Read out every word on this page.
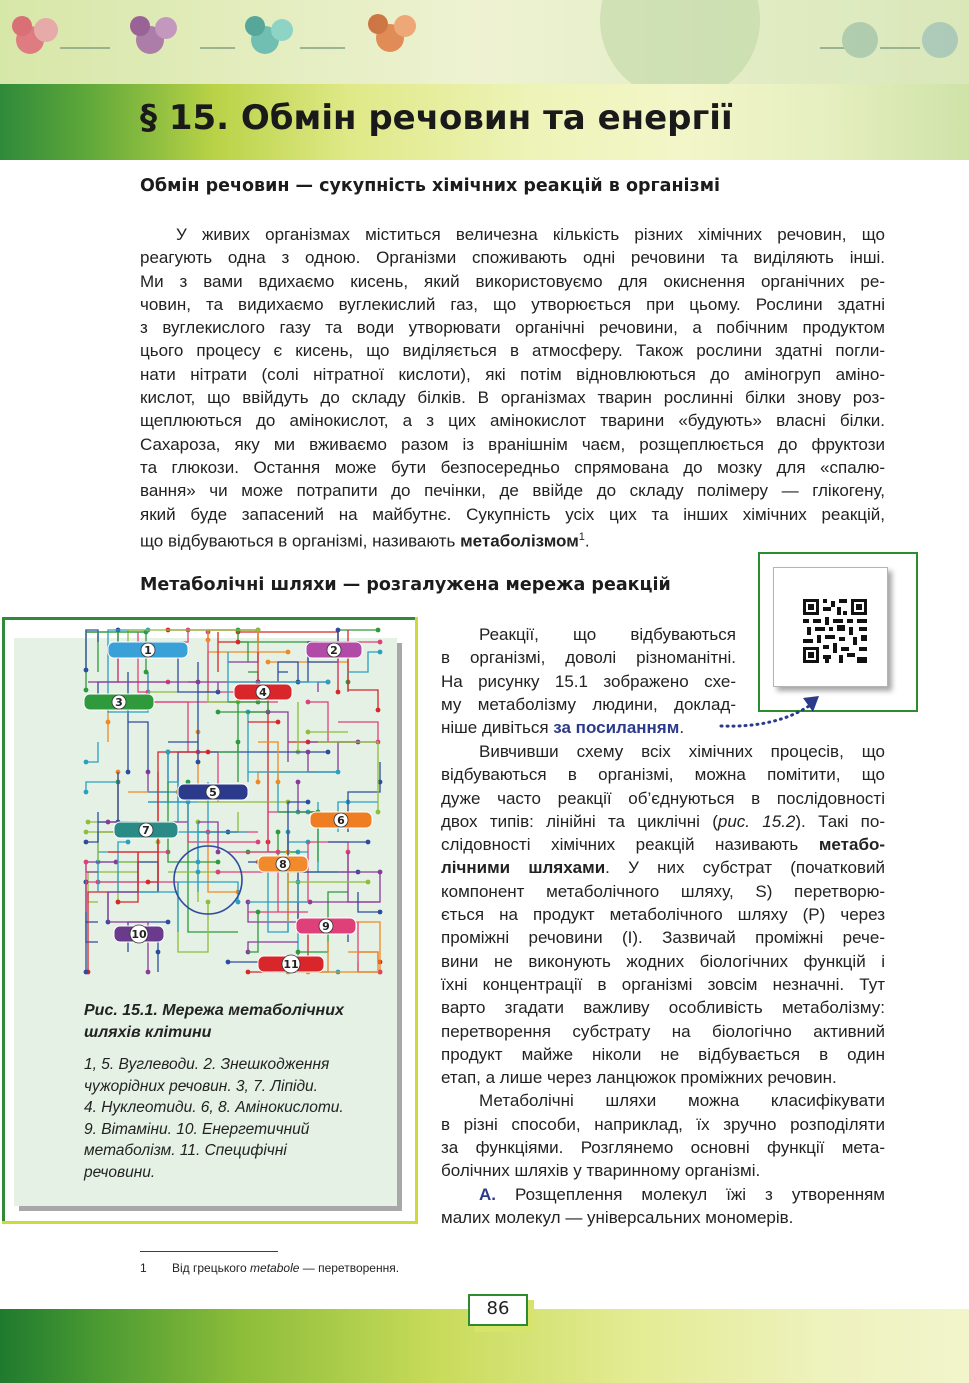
§ 15. Обмін речовин та енергії
Обмін речовин — сукупність хімічних реакцій в організмі
У живих організмах міститься величезна кількість різних хімічних речовин, що
реагують одна з одною. Організми споживають одні речовини та виділяють інші.
Ми з вами вдихаємо кисень, який використовуємо для окиснення органічних ре-
човин, та видихаємо вуглекислий газ, що утворюється при цьому. Рослини здатні
з вуглекислого газу та води утворювати органічні речовини, а побічним продуктом
цього процесу є кисень, що виділяється в атмосферу. Також рослини здатні погли-
нати нітрати (солі нітратної кислоти), які потім відновлюються до аміногруп аміно-
кислот, що ввійдуть до складу білків. В організмах тварин рослинні білки знову роз-
щеплюються до амінокислот, а з цих амінокислот тварини «будують» власні білки.
Сахароза, яку ми вживаємо разом із вранішнім чаєм, розщеплюється до фруктози
та глюкози. Остання може бути безпосередньо спрямована до мозку для «спалю-
вання» чи може потрапити до печінки, де ввійде до складу полімеру — глікогену,
який буде запасений на майбутнє. Сукупність усіх цих та інших хімічних реакцій,
що відбуваються в організмі, називають метаболізмом$^1$.
Метаболічні шляхи — розгалужена мережа реакцій
1	2
3
4
5
6
7
8
9
10
11
Рис. 15.1. Мережа метаболічних
шляхів клітини
1, 5. Вуглеводи. 2. Знешкодження
чужорідних речовин. 3, 7. Ліпіди.
4. Нуклеотиди. 6, 8. Амінокислоти.
9. Вітаміни. 10. Енергетичний
метаболізм. 11. Специфічні
речовини.
Реакції, що відбуваються
в організмі, доволі різноманітні.
На рисунку 15.1 зображено схе-
му метаболізму людини, доклад-
ніше дивіться за посиланням.
Вивчивши схему всіх хімічних процесів, що
відбуваються в організмі, можна помітити, що
дуже часто реакції об’єднуються в послідовності
двох типів: лінійні та циклічні (рис. 15.2). Такі по-
слідовності хімічних реакцій називають метабо-
лічними шляхами. У них субстрат (початковий
компонент метаболічного шляху, S) перетворю-
ється на продукт метаболічного шляху (P) через
проміжні речовини (I). Зазвичай проміжні рече-
вини не виконують жодних біологічних функцій і
їхні концентрації в організмі зовсім незначні. Тут
варто згадати важливу особливість метаболізму:
перетворення субстрату на біологічно активний
продукт майже ніколи не відбувається в один
етап, а лише через ланцюжок проміжних речовин.
Метаболічні шляхи можна класифікувати
в різні способи, наприклад, їх зручно розподіляти
за функціями. Розглянемо основні функції мета-
болічних шляхів у тваринному організмі.
А. Розщеплення молекул їжі з утворенням
малих молекул — універсальних мономерів.
1 Від грецького metabole — перетворення.
86
